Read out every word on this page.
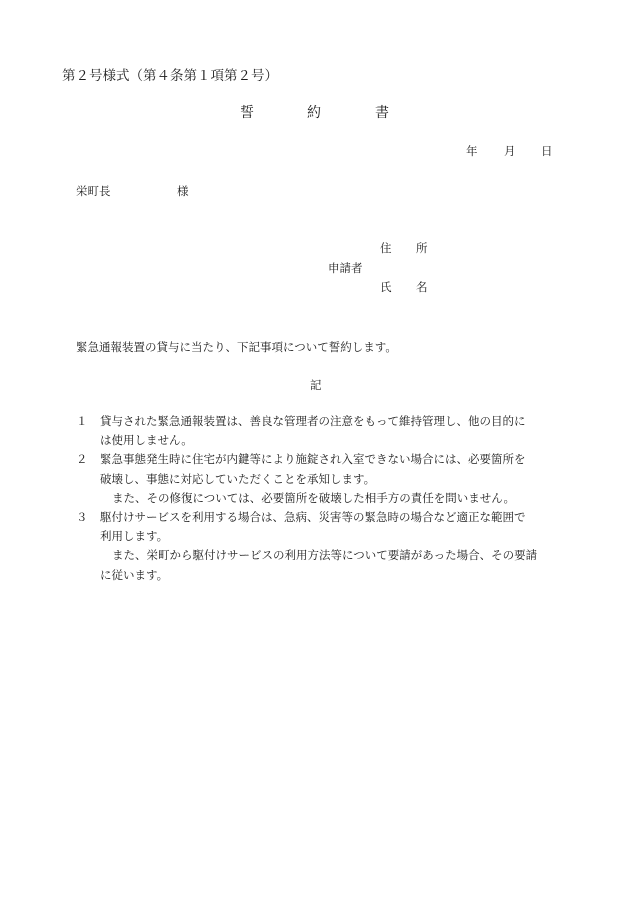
第２号様式（第４条第１項第２号）
誓	約	書
年 月 日
栄町長	様
住 所
申請者
氏 名
緊急通報装置の貸与に当たり、下記事項について誓約します。
記
１	貸与された緊急通報装置は、善良な管理者の注意をもって維持管理し、他の目的に
は使用しません。
２	緊急事態発生時に住宅が内鍵等により施錠され入室できない場合には、必要箇所を
破壊し、事態に対応していただくことを承知します。
また、その修復については、必要箇所を破壊した相手方の責任を問いません。
３	駆付けサービスを利用する場合は、急病、災害等の緊急時の場合など適正な範囲で
利用します。
また、栄町から駆付けサービスの利用方法等について要請があった場合、その要請
に従います。
